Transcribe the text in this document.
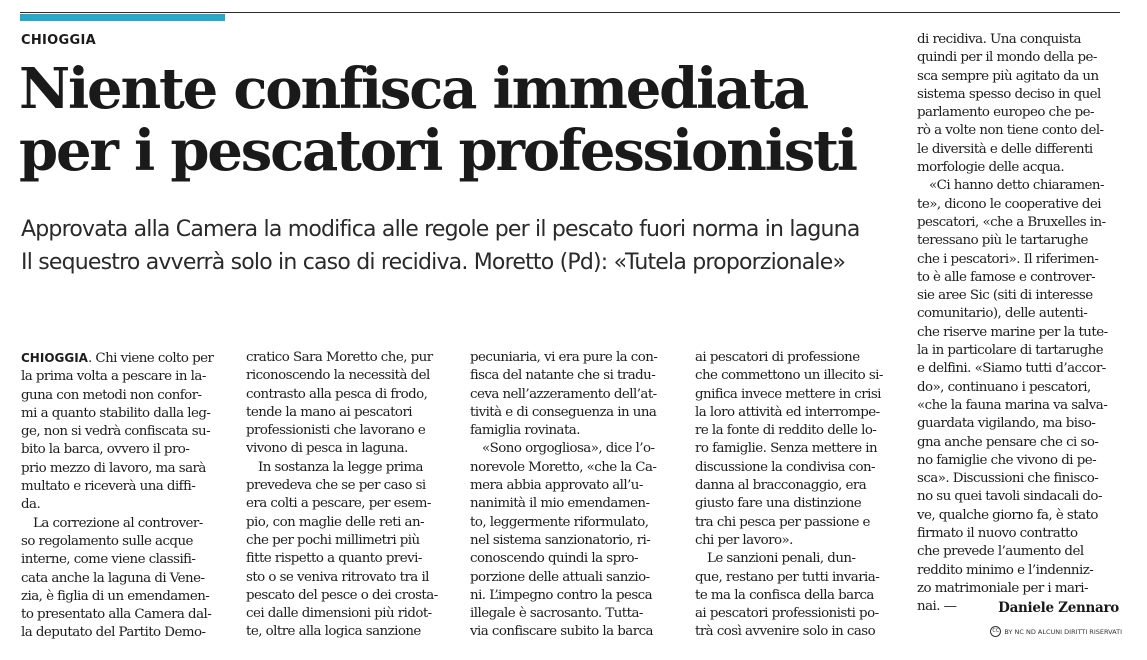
CHIOGGIA
Niente confisca immediata
per i pescatori professionisti
Approvata alla Camera la modifica alle regole per il pescato fuori norma in laguna
Il sequestro avverrà solo in caso di recidiva. Moretto (Pd): «Tutela proporzionale»
CHIOGGIA. Chi viene colto per
la prima volta a pescare in la-
guna con metodi non confor-
mi a quanto stabilito dalla leg-
ge, non si vedrà confiscata su-
bito la barca, ovvero il pro-
prio mezzo di lavoro, ma sarà
multato e riceverà una diffi-
da.
La correzione al controver-
so regolamento sulle acque
interne, come viene classifi-
cata anche la laguna di Vene-
zia, è figlia di un emendamen-
to presentato alla Camera dal-
la deputato del Partito Demo-
cratico Sara Moretto che, pur
riconoscendo la necessità del
contrasto alla pesca di frodo,
tende la mano ai pescatori
professionisti che lavorano e
vivono di pesca in laguna.
In sostanza la legge prima
prevedeva che se per caso si
era colti a pescare, per esem-
pio, con maglie delle reti an-
che per pochi millimetri più
fitte rispetto a quanto previ-
sto o se veniva ritrovato tra il
pescato del pesce o dei crosta-
cei dalle dimensioni più ridot-
te, oltre alla logica sanzione
pecuniaria, vi era pure la con-
fisca del natante che si tradu-
ceva nell’azzeramento dell’at-
tività e di conseguenza in una
famiglia rovinata.
«Sono orgogliosa», dice l’o-
norevole Moretto, «che la Ca-
mera abbia approvato all’u-
nanimità il mio emendamen-
to, leggermente riformulato,
nel sistema sanzionatorio, ri-
conoscendo quindi la spro-
porzione delle attuali sanzio-
ni. L’impegno contro la pesca
illegale è sacrosanto. Tutta-
via confiscare subito la barca
ai pescatori di professione
che commettono un illecito si-
gnifica invece mettere in crisi
la loro attività ed interrompe-
re la fonte di reddito delle lo-
ro famiglie. Senza mettere in
discussione la condivisa con-
danna al bracconaggio, era
giusto fare una distinzione
tra chi pesca per passione e
chi per lavoro».
Le sanzioni penali, dun-
que, restano per tutti invaria-
te ma la confisca della barca
ai pescatori professionisti po-
trà così avvenire solo in caso
di recidiva. Una conquista
quindi per il mondo della pe-
sca sempre più agitato da un
sistema spesso deciso in quel
parlamento europeo che pe-
rò a volte non tiene conto del-
le diversità e delle differenti
morfologie delle acqua.
«Ci hanno detto chiaramen-
te», dicono le cooperative dei
pescatori, «che a Bruxelles in-
teressano più le tartarughe
che i pescatori». Il riferimen-
to è alle famose e controver-
sie aree Sic (siti di interesse
comunitario), delle autenti-
che riserve marine per la tute-
la in particolare di tartarughe
e delfini. «Siamo tutti d’accor-
do», continuano i pescatori,
«che la fauna marina va salva-
guardata vigilando, ma biso-
gna anche pensare che ci so-
no famiglie che vivono di pe-
sca». Discussioni che finisco-
no su quei tavoli sindacali do-
ve, qualche giorno fa, è stato
firmato il nuovo contratto
che prevede l’aumento del
reddito minimo e l’indenniz-
zo matrimoniale per i mari-
nai. —	Daniele Zennaro
CC BY NC ND ALCUNI DIRITTI RISERVATI
